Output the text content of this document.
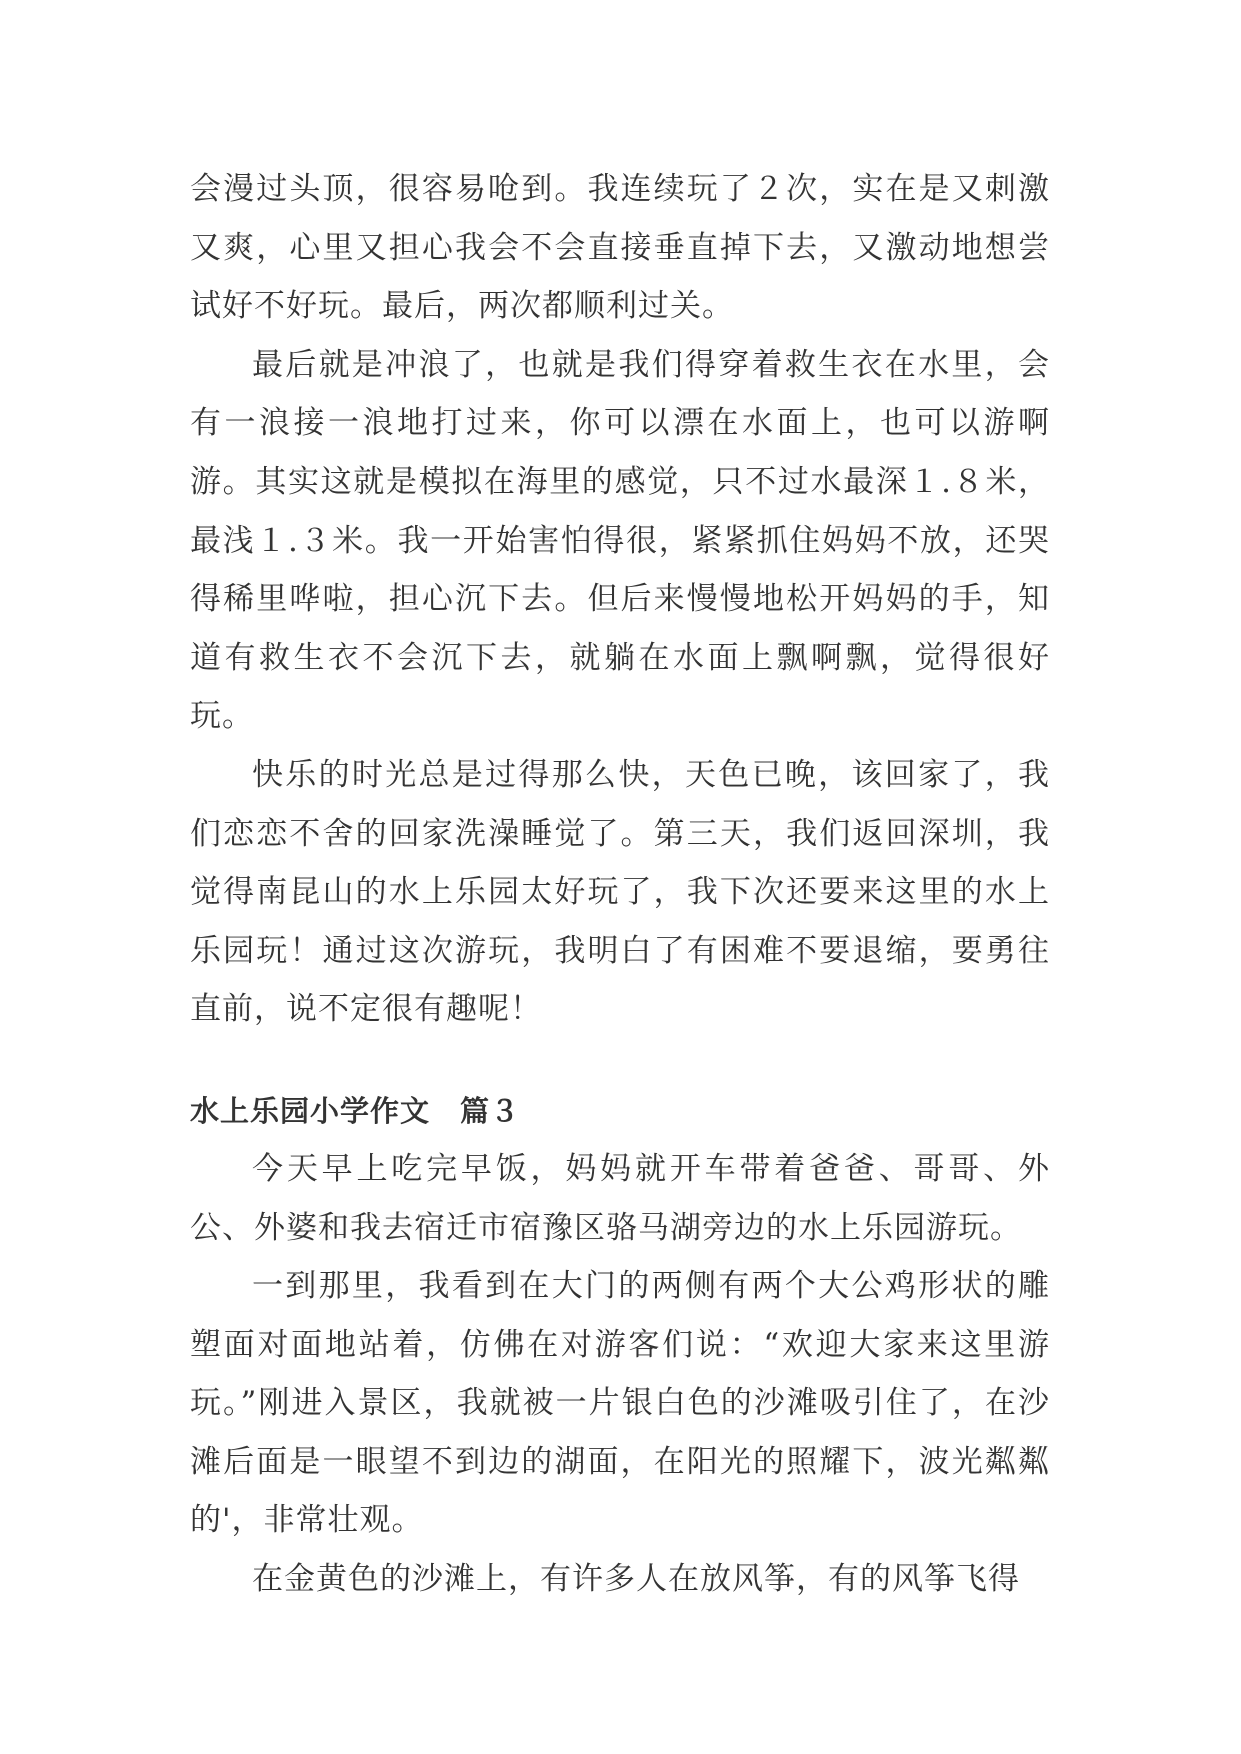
会漫过头顶，很容易呛到。我连续玩了２次，实在是又刺激又爽，心里又担心我会不会直接垂直掉下去，又激动地想尝试好不好玩。最后，两次都顺利过关。

最后就是冲浪了，也就是我们得穿着救生衣在水里，会有一浪接一浪地打过来，你可以漂在水面上，也可以游啊游。其实这就是模拟在海里的感觉，只不过水最深１.８米，最浅１.３米。我一开始害怕得很，紧紧抓住妈妈不放，还哭得稀里哗啦，担心沉下去。但后来慢慢地松开妈妈的手，知道有救生衣不会沉下去，就躺在水面上飘啊飘，觉得很好玩。

快乐的时光总是过得那么快，天色已晚，该回家了，我们恋恋不舍的回家洗澡睡觉了。第三天，我们返回深圳，我觉得南昆山的水上乐园太好玩了，我下次还要来这里的水上乐园玩！通过这次游玩，我明白了有困难不要退缩，要勇往直前，说不定很有趣呢！

水上乐园小学作文　篇３

今天早上吃完早饭，妈妈就开车带着爸爸、哥哥、外公、外婆和我去宿迁市宿豫区骆马湖旁边的水上乐园游玩。

一到那里，我看到在大门的两侧有两个大公鸡形状的雕塑面对面地站着，仿佛在对游客们说：“欢迎大家来这里游玩。”刚进入景区，我就被一片银白色的沙滩吸引住了，在沙滩后面是一眼望不到边的湖面，在阳光的照耀下，波光粼粼的'，非常壮观。

在金黄色的沙滩上，有许多人在放风筝，有的风筝飞得
